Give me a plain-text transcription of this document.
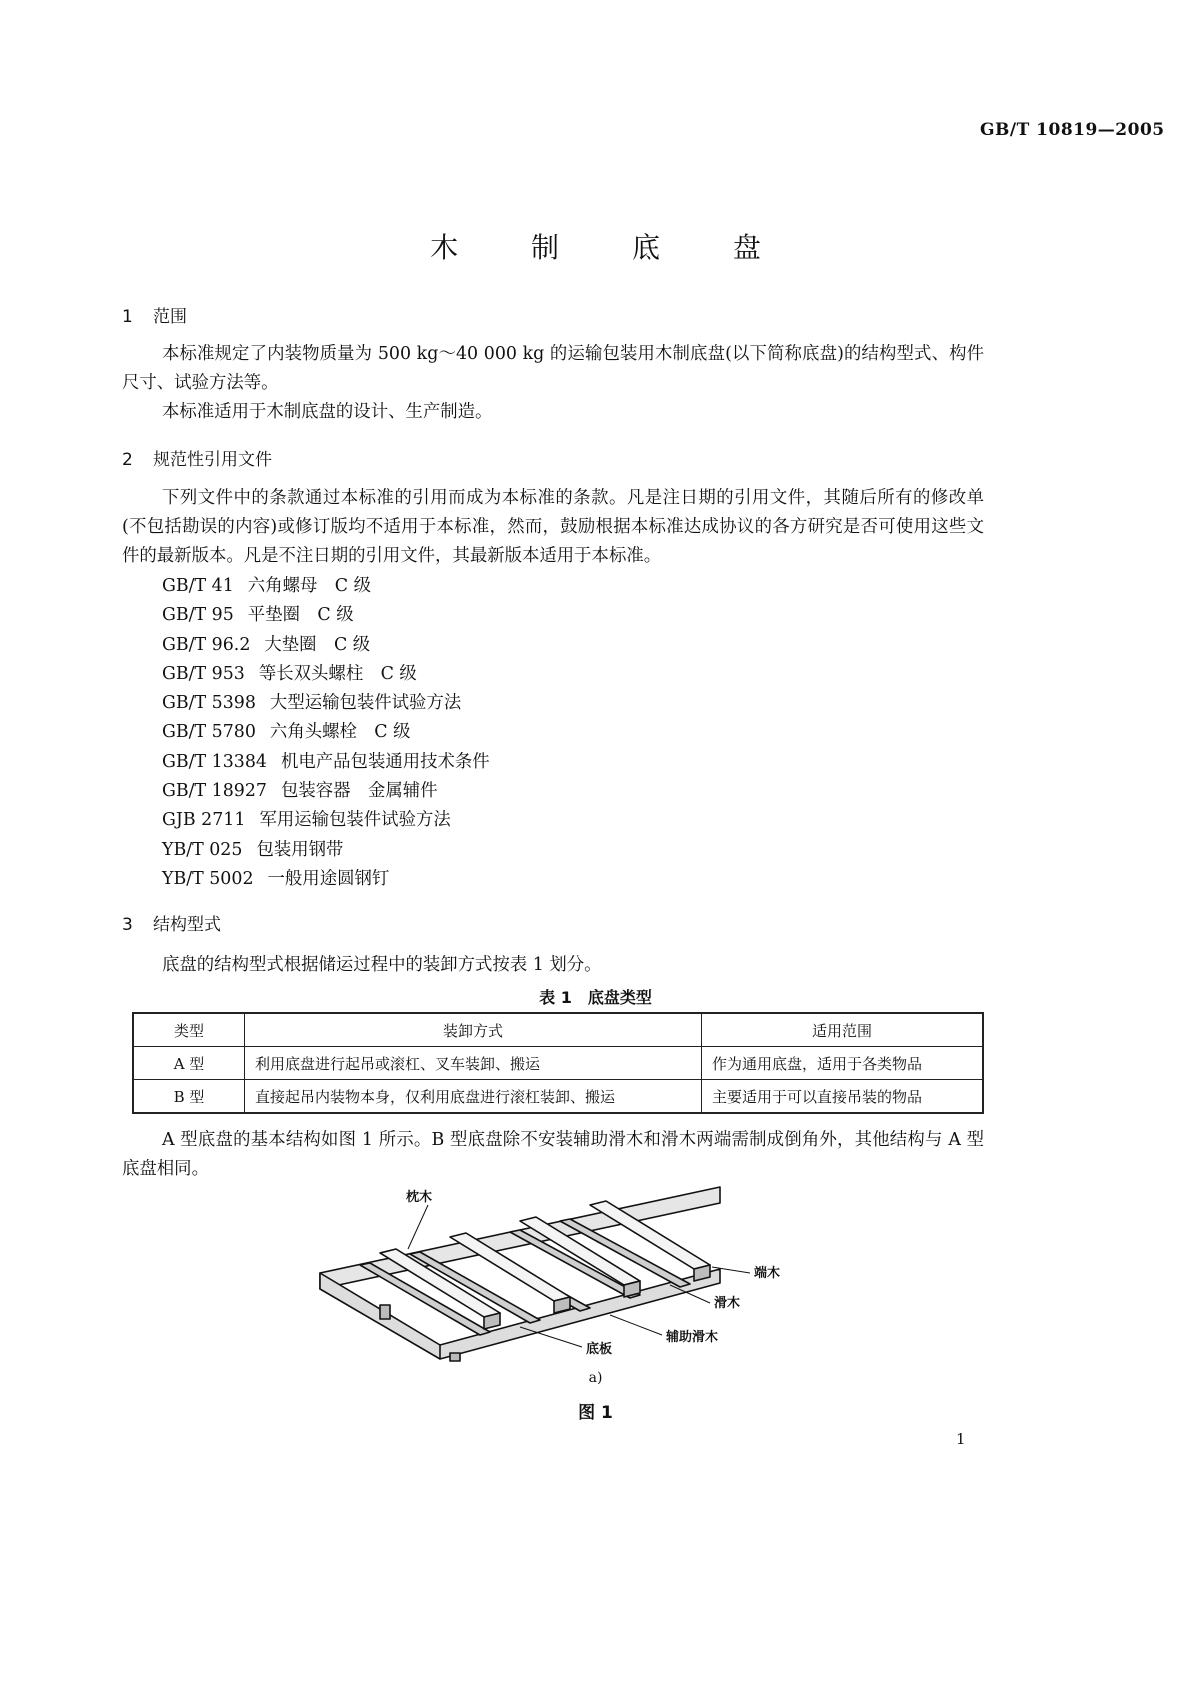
GB/T 10819—2005
木 制 底 盘
1 范围
本标准规定了内装物质量为 500 kg～40 000 kg 的运输包装用木制底盘(以下简称底盘)的结构型式、构件尺寸、试验方法等。
本标准适用于木制底盘的设计、生产制造。
2 规范性引用文件
下列文件中的条款通过本标准的引用而成为本标准的条款。凡是注日期的引用文件，其随后所有的修改单(不包括勘误的内容)或修订版均不适用于本标准，然而，鼓励根据本标准达成协议的各方研究是否可使用这些文件的最新版本。凡是不注日期的引用文件，其最新版本适用于本标准。
GB/T 41 六角螺母　C 级
GB/T 95 平垫圈　C 级
GB/T 96.2 大垫圈　C 级
GB/T 953 等长双头螺柱　C 级
GB/T 5398 大型运输包装件试验方法
GB/T 5780 六角头螺栓　C 级
GB/T 13384 机电产品包装通用技术条件
GB/T 18927 包装容器　金属辅件
GJB 2711 军用运输包装件试验方法
YB/T 025 包装用钢带
YB/T 5002 一般用途圆钢钉
3 结构型式
底盘的结构型式根据储运过程中的装卸方式按表 1 划分。
表 1　底盘类型
类型	装卸方式	适用范围
A 型	利用底盘进行起吊或滚杠、叉车装卸、搬运	作为通用底盘，适用于各类物品
B 型	直接起吊内装物本身，仅利用底盘进行滚杠装卸、搬运	主要适用于可以直接吊装的物品
A 型底盘的基本结构如图 1 所示。B 型底盘除不安装辅助滑木和滑木两端需制成倒角外，其他结构与 A 型底盘相同。
枕木
端木
滑木
辅助滑木
底板
a)
图 1
1
